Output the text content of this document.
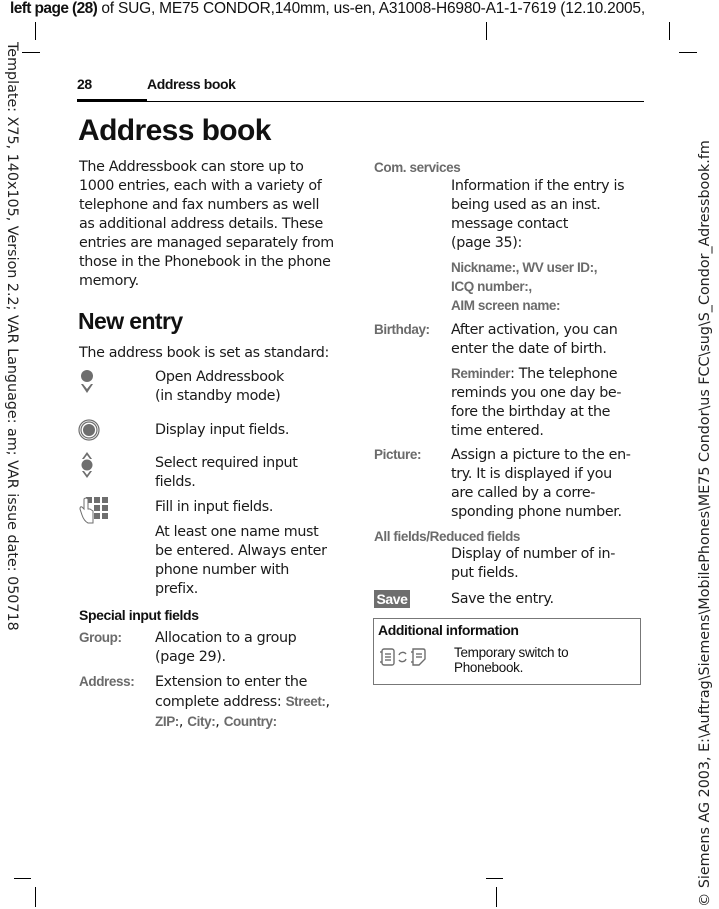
left page (28) of SUG, ME75 CONDOR,140mm, us-en, A31008-H6980-A1-1-7619 (12.10.2005,
Template: X75, 140x105, Version 2.2; VAR Language: am; VAR issue date: 050718	© Siemens AG 2003, E:\Auftrag\Siemens\MobilePhones\ME75 Condor\us FCC\sug\S_Condor_Adressbook.fm
28	Address book
Address book
The Addressbook can store up to
1000 entries, each with a variety of
telephone and fax numbers as well
as additional address details. These
entries are managed separately from
those in the Phonebook in the phone
memory.
New entry
The address book is set as standard:
Open Addressbook
(in standby mode)
Display input fields.
Select required input
fields.
Fill in input fields.
At least one name must
be entered. Always enter
phone number with
prefix.
Special input fields
Group: Allocation to a group
(page 29).
Address: Extension to enter the
complete address: Street:,
ZIP:, City:, Country:
Com. services
Information if the entry is
being used as an inst.
message contact
(page 35):
Nickname:, WV user ID:,
ICQ number:,
AIM screen name:
Birthday: After activation, you can
enter the date of birth.
Reminder: The telephone
reminds you one day be-
fore the birthday at the
time entered.
Picture: Assign a picture to the en-
try. It is displayed if you
are called by a corre-
sponding phone number.
All fields/Reduced fields
Display of number of in-
put fields.
Save	Save the entry.
Additional information
Temporary switch to
Phonebook.
